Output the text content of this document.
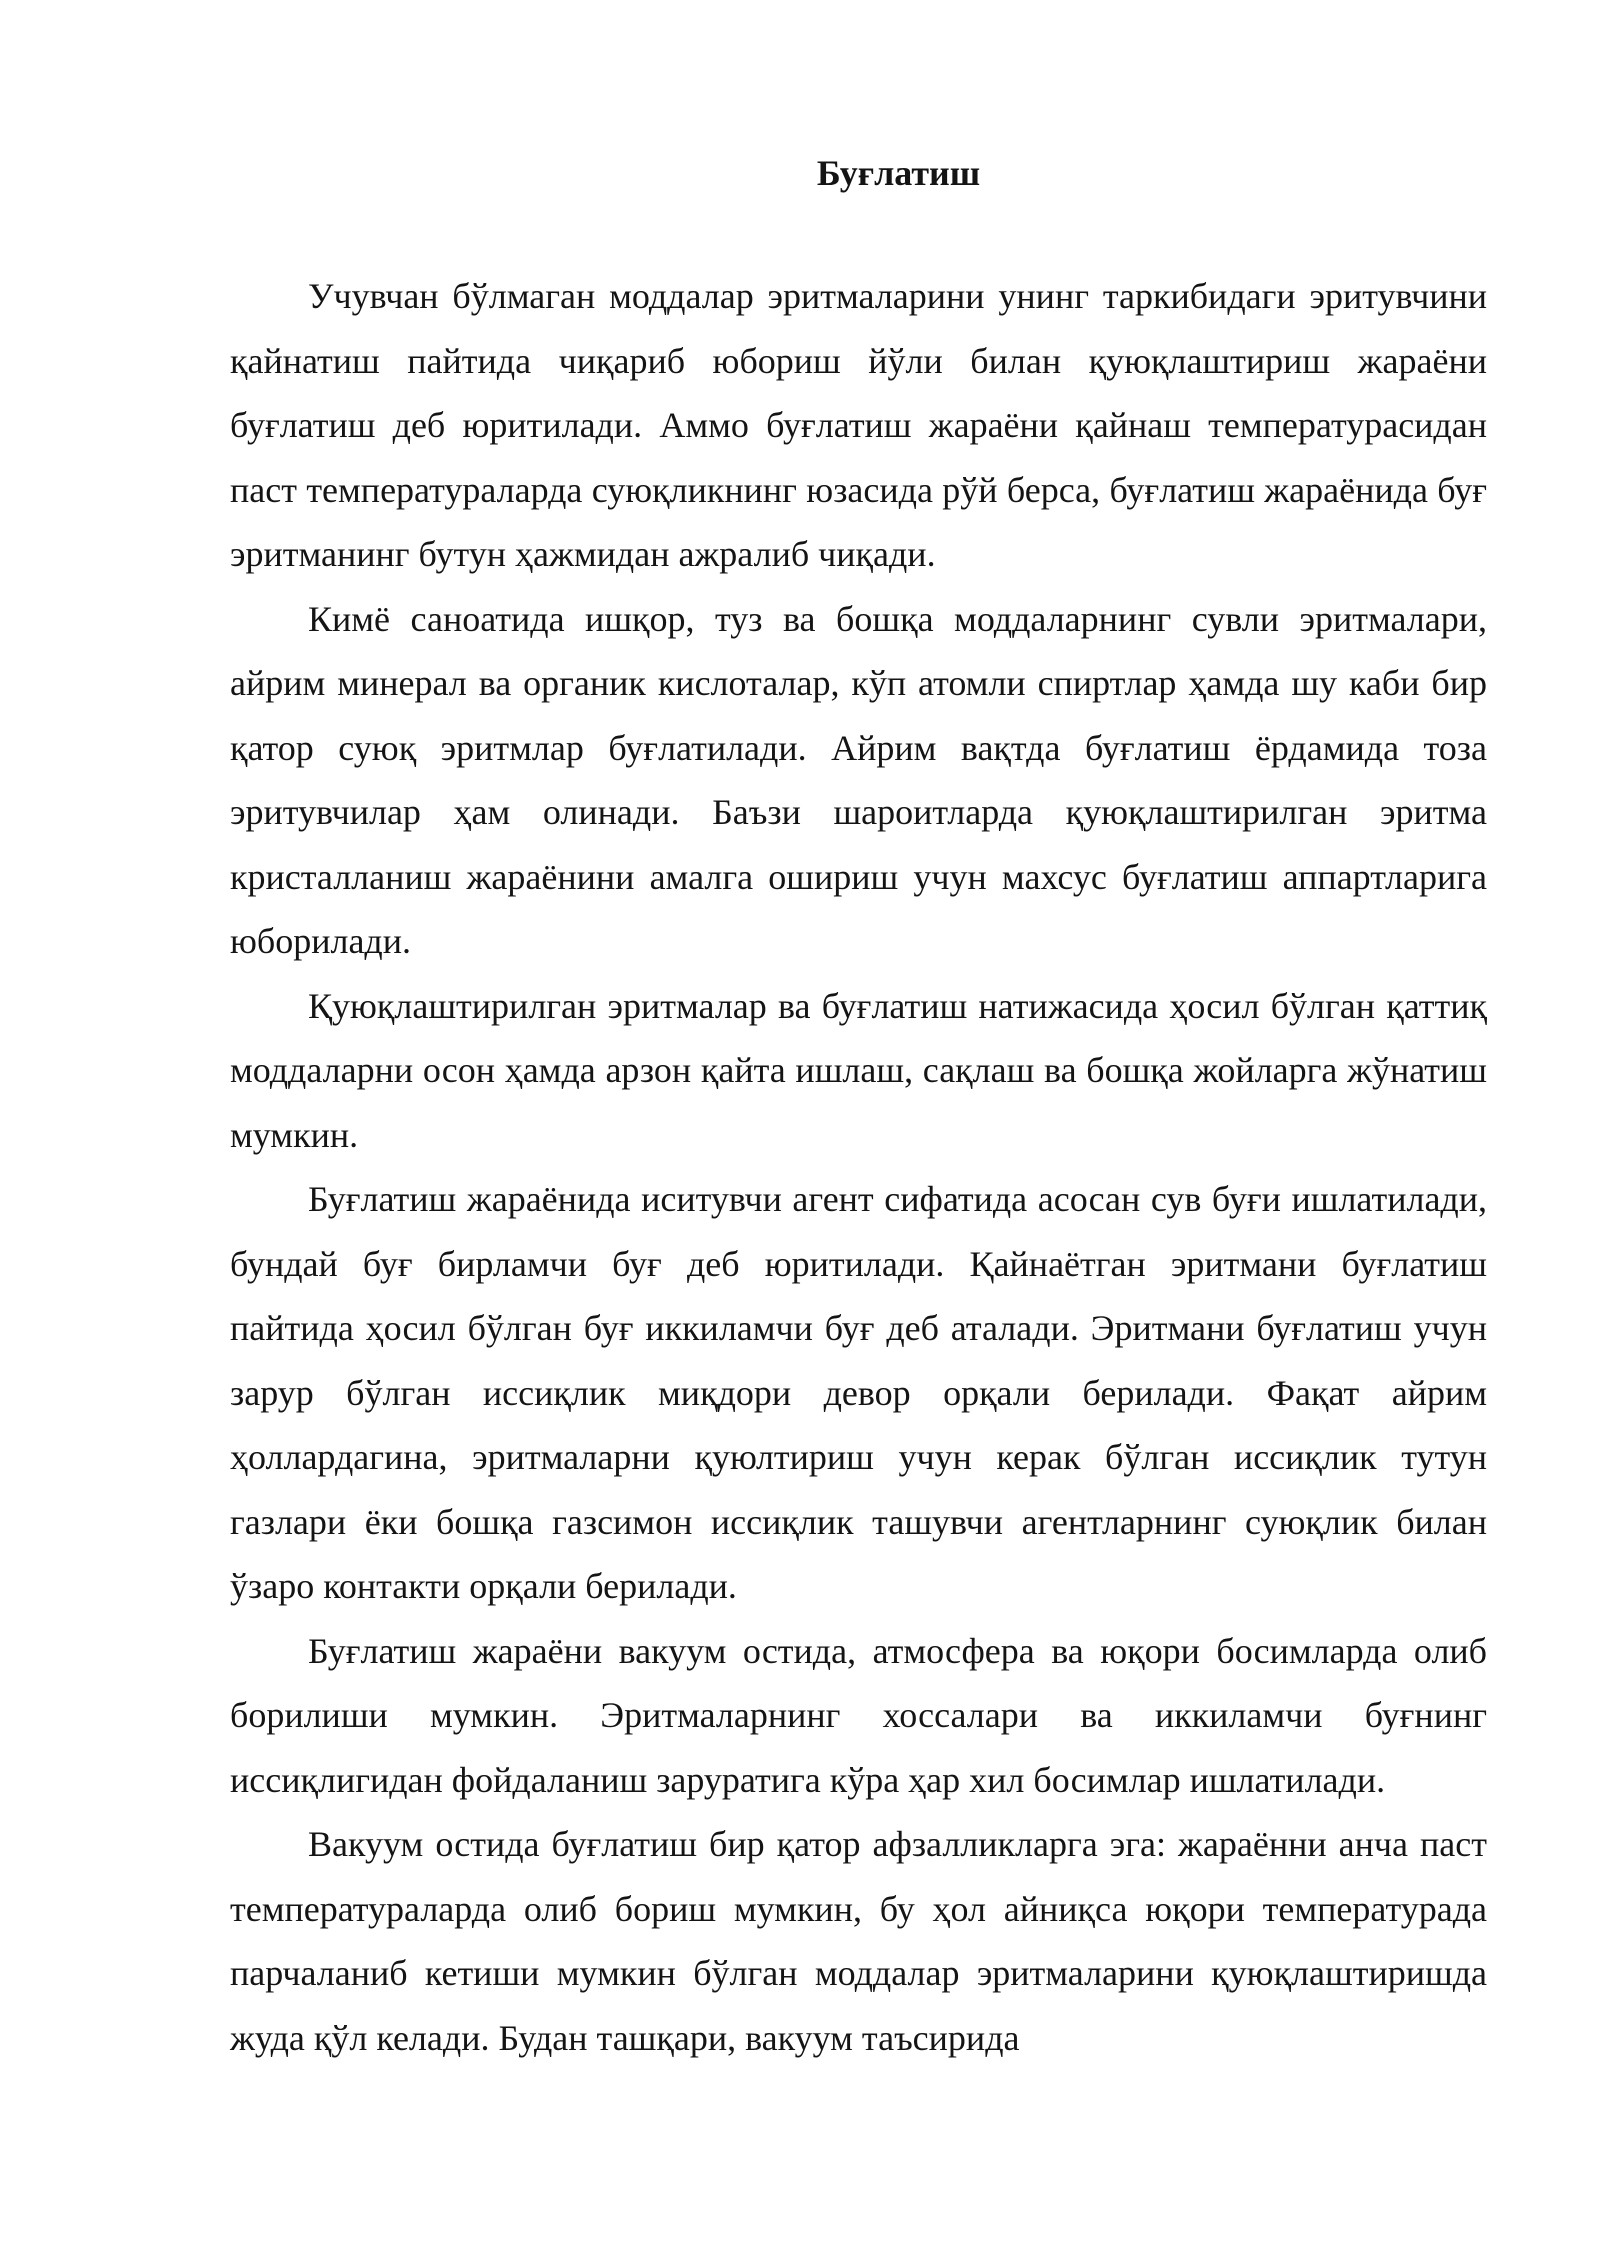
Буғлатиш

Учувчан бўлмаган моддалар эритмаларини унинг таркибидаги эритувчини қайнатиш пайтида чиқариб юбориш йўли билан қуюқлаштириш жараёни буғлатиш деб юритилади. Аммо буғлатиш жараёни қайнаш температурасидан паст температураларда суюқликнинг юзасида рўй берса, буғлатиш жараёнида буғ эритманинг бутун ҳажмидан ажралиб чиқади.

Кимё саноатида ишқор, туз ва бошқа моддаларнинг сувли эритмалари, айрим минерал ва органик кислоталар, кўп атомли спиртлар ҳамда шу каби бир қатор суюқ эритмлар буғлатилади. Айрим вақтда буғлатиш ёрдамида тоза эритувчилар ҳам олинади. Баъзи шароитларда қуюқлаштирилган эритма кристалланиш жараёнини амалга ошириш учун махсус буғлатиш аппартларига юборилади.

Қуюқлаштирилган эритмалар ва буғлатиш натижасида ҳосил бўлган қаттиқ моддаларни осон ҳамда арзон қайта ишлаш, сақлаш ва бошқа жойларга жўнатиш мумкин.

Буғлатиш жараёнида иситувчи агент сифатида асосан сув буғи ишлатилади, бундай буғ бирламчи буғ деб юритилади. Қайнаётган эритмани буғлатиш пайтида ҳосил бўлган буғ иккиламчи буғ деб аталади. Эритмани буғлатиш учун зарур бўлган иссиқлик миқдори девор орқали берилади. Фақат айрим ҳоллардагина, эритмаларни қуюлтириш учун керак бўлган иссиқлик тутун газлари ёки бошқа газсимон иссиқлик ташувчи агентларнинг суюқлик билан ўзаро контакти орқали берилади.

Буғлатиш жараёни вакуум остида, атмосфера ва юқори босимларда олиб борилиши мумкин. Эритмаларнинг хоссалари ва иккиламчи буғнинг иссиқлигидан фойдаланиш заруратига кўра ҳар хил босимлар ишлатилади.

Вакуум остида буғлатиш бир қатор афзалликларга эга: жараённи анча паст температураларда олиб бориш мумкин, бу ҳол айниқса юқори температурада парчаланиб кетиши мумкин бўлган моддалар эритмаларини қуюқлаштиришда жуда қўл келади. Будан ташқари, вакуум таъсирида
